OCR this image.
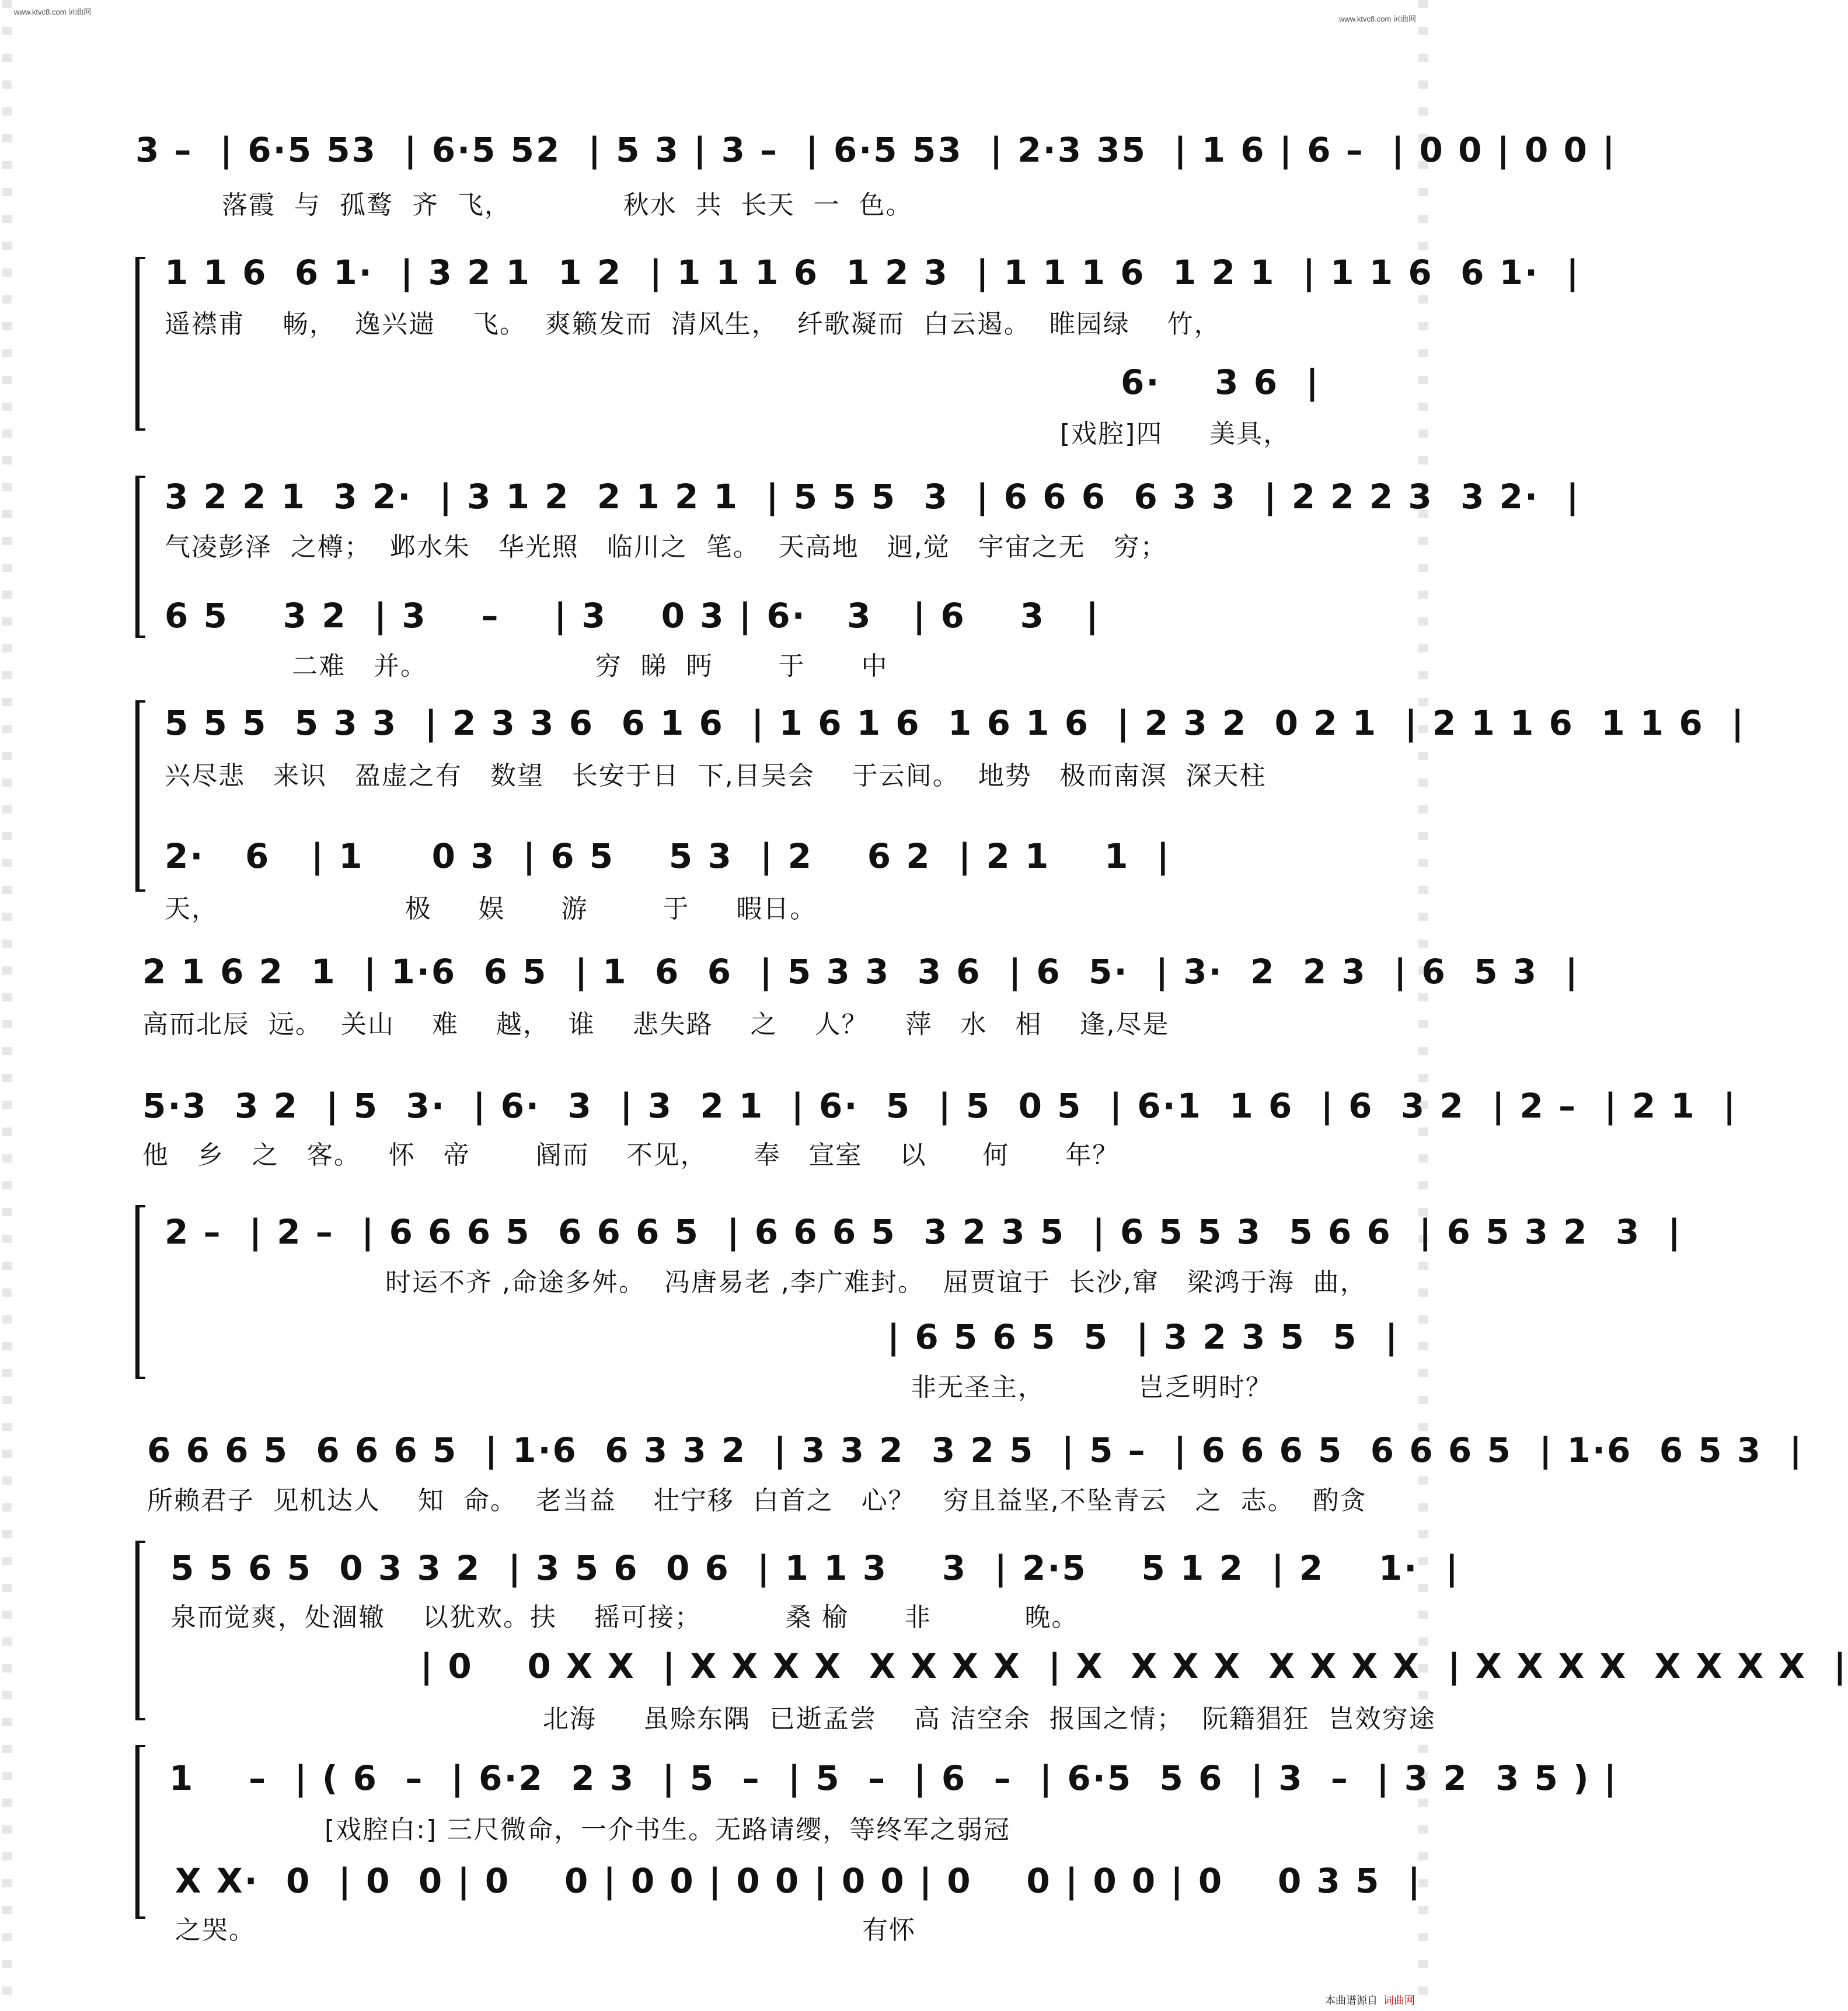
www.ktvc8.com 词曲网
www.ktvc8.com 词曲网
3 –  | 6·5 53  | 6·5 52  | 5 3 | 3 –  | 6·5 53  | 2·3 35  | 1 6 | 6 –  | 0 0 | 0 0 |
落霞  与  孤鹜  齐  飞，            秋水  共  长天  一  色。
1 1 6  6 1·  | 3 2 1  1 2  | 1 1 1 6  1 2 3  | 1 1 1 6  1 2 1  | 1 1 6  6 1·  |
遥襟甫    畅，  逸兴遄    飞。  爽籁发而  清风生，  纤歌凝而  白云遏。  睢园绿    竹，
6·    3 6  |
[戏腔]四     美具，
3 2 2 1  3 2·  | 3 1 2  2 1 2 1  | 5 5 5  3  | 6 6 6  6 3 3  | 2 2 2 3  3 2·  |
气凌彭泽  之樽；  邺水朱   华光照   临川之  笔。  天高地   迥,觉   宇宙之无   穷；
6 5    3 2  | 3    –    | 3    0 3 | 6·   3   | 6    3   |
二难   并。                  穷  睇  眄       于      中
5 5 5  5 3 3  | 2 3 3 6  6 1 6  | 1 6 1 6  1 6 1 6  | 2 3 2  0 2 1  | 2 1 1 6  1 1 6  |
兴尽悲   来识   盈虚之有   数望   长安于日  下,目吴会    于云间。  地势   极而南溟  深天柱
2·   6   | 1     0 3  | 6 5    5 3  | 2    6 2  | 2 1    1  |
天，                    极     娱      游        于     暇日。
2 1 6 2  1  | 1·6  6 5  | 1  6  6  | 5 3 3  3 6  | 6  5·  | 3·  2  2 3  | 6  5 3  |
高而北辰  远。  关山    难    越，  谁    悲失路    之    人？    萍   水   相    逢,尽是
5·3  3 2  | 5  3·  | 6·  3  | 3  2 1  | 6·  5  | 5  0 5  | 6·1  1 6  | 6  3 2  | 2 –  | 2 1  |
他   乡   之   客。   怀   帝       阍而    不见，     奉   宣室    以      何      年？
2 –  | 2 –  | 6 6 6 5  6 6 6 5  | 6 6 6 5  3 2 3 5  | 6 5 5 3  5 6 6  | 6 5 3 2  3  |
时运不齐 ,命途多舛。  冯唐易老 ,李广难封。  屈贾谊于  长沙,窜   梁鸿于海  曲，
| 6 5 6 5  5  | 3 2 3 5  5  |
非无圣主，          岂乏明时？
6 6 6 5  6 6 6 5  | 1·6  6 3 3 2  | 3 3 2  3 2 5  | 5 –  | 6 6 6 5  6 6 6 5  | 1·6  6 5 3  |
所赖君子  见机达人    知  命。  老当益    壮宁移  白首之   心？   穷且益坚,不坠青云   之  志。  酌贪
5 5 6 5  0 3 3 2  | 3 5 6  0 6  | 1 1 3    3  | 2·5    5 1 2  | 2    1·  |
泉而觉爽，处涸辙    以犹欢。扶    摇可接；         桑 榆      非          晚。
| 0    0 X X  | X X X X  X X X X  | X  X X X  X X X X  | X X X X  X X X X  |
北海     虽赊东隅  已逝孟尝    高 洁空余  报国之情；  阮籍猖狂  岂效穷途
1    –  | ( 6  –  | 6·2  2 3  | 5  –  | 5  –  | 6  –  | 6·5  5 6  | 3  –  | 3 2  3 5 ) |
[戏腔白:] 三尺微命，一介书生。无路请缨，等终军之弱冠
X X·  0  | 0  0 | 0    0 | 0 0 | 0 0 | 0 0 | 0    0 | 0 0 | 0    0 3 5  |
之哭。                                                                 有怀
本曲谱源自 词曲网
